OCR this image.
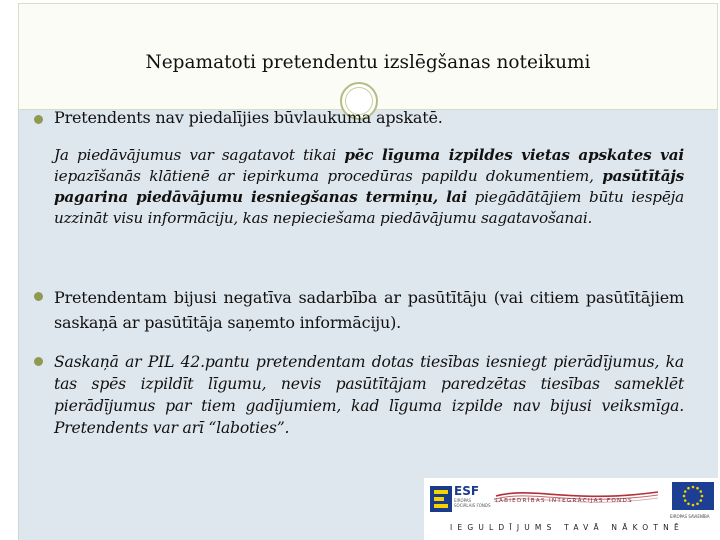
Nepamatoti pretendentu izslēgšanas noteikumi
Pretendents nav piedalījies būvlaukuma apskatē.
Ja piedāvājumus var sagatavot tikai pēc līguma izpildes vietas apskates vai iepazīšanās klātienē ar iepirkuma procedūras papildu dokumentiem, pasūtītājs pagarina piedāvājumu iesniegšanas termiņu, lai piegādātājiem būtu iespēja uzzināt visu informāciju, kas nepieciešama piedāvājumu sagatavošanai.
Pretendentam bijusi negatīva sadarbība ar pasūtītāju (vai citiem pasūtītājiem saskaņā ar pasūtītāja saņemto informāciju).
Saskaņā ar PIL 42.pantu pretendentam dotas tiesības iesniegt pierādījumus, ka tas spēs izpildīt līgumu, nevis pasūtītājam paredzētas tiesības sameklēt pierādījumus par tiem gadījumiem, kad līguma izpilde nav bijusi veiksmīga. Pretendents var arī “laboties”.
ESF
EIROPAS SOCIĀLAIS FONDS
SABIEDRĪBAS INTEGRĀCIJAS FONDS
EIROPAS SAVIENĪBA
IEGULDĪJUMS TAVĀ NĀKOTNĒ
